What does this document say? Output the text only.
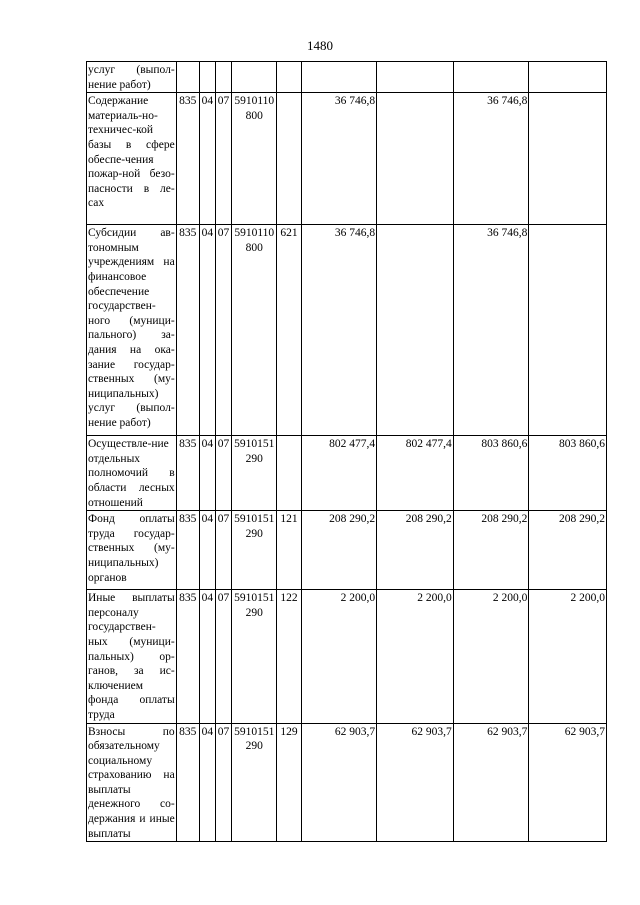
1480
услуг (выпол- нение работ)									
Содержание материаль-но-техничес-кой базы в сфере обеспе-чения пожар-ной безо-пасности в ле-сах	835	04	07	5910110800		36 746,8		36 746,8	
Субсидии ав-тономным учреждениям на финансовое обеспечение государствен-ного (муници-пального) за-дания на ока-зание государ-ственных (му-ниципальных) услуг (выпол-нение работ)	835	04	07	5910110800	621	36 746,8		36 746,8	
Осуществле-ние отдельных полномочий в области лесных отношений	835	04	07	5910151290		802 477,4	802 477,4	803 860,6	803 860,6
Фонд оплаты труда государ-ственных (му-ниципальных) органов	835	04	07	5910151290	121	208 290,2	208 290,2	208 290,2	208 290,2
Иные выплаты персоналу государствен-ных (муници-пальных) ор-ганов, за ис-ключением фонда оплаты труда	835	04	07	5910151290	122	2 200,0	2 200,0	2 200,0	2 200,0
Взносы по обязательному социальному страхованию на выплаты денежного со-держания и иные выплаты	835	04	07	5910151290	129	62 903,7	62 903,7	62 903,7	62 903,7
